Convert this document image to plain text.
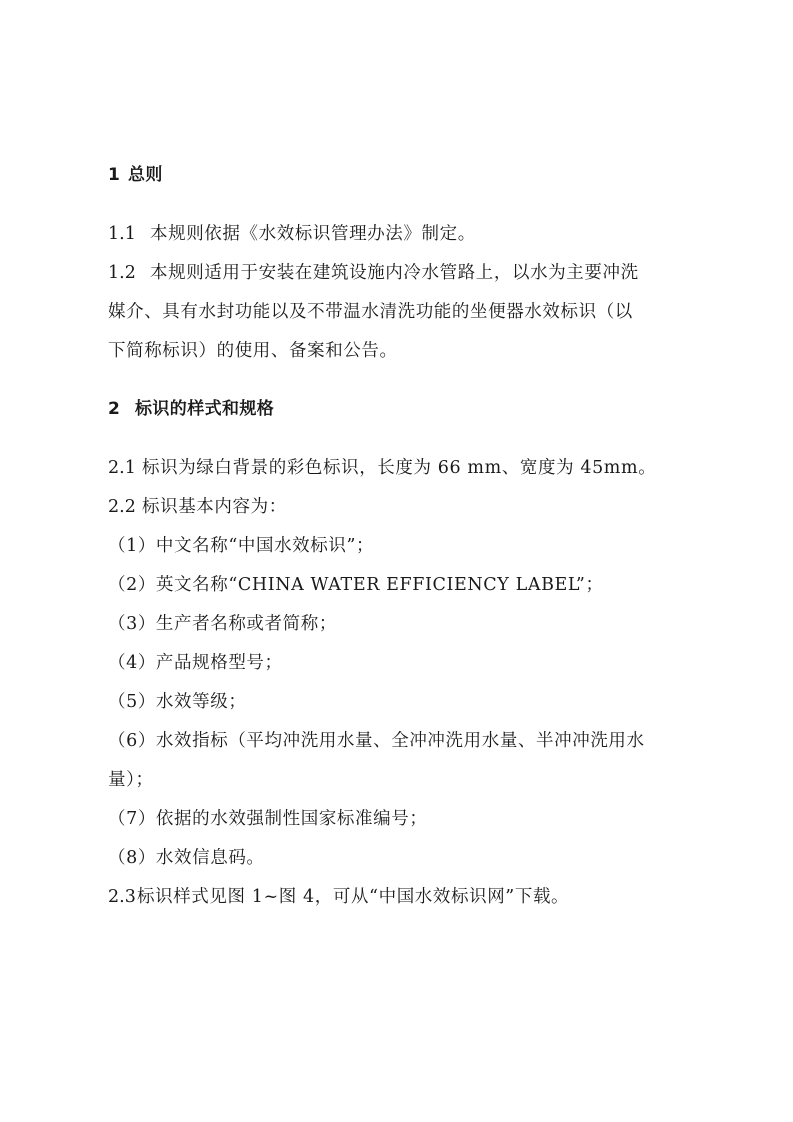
1 总则
1.1 本规则依据《水效标识管理办法》制定。
1.2 本规则适用于安装在建筑设施内冷水管路上，以水为主要冲洗
媒介、具有水封功能以及不带温水清洗功能的坐便器水效标识（以
下简称标识）的使用、备案和公告。
2 标识的样式和规格
2.1 标识为绿白背景的彩色标识，长度为 66 mm、宽度为 45mm。
2.2 标识基本内容为：
（1）中文名称“中国水效标识”；
（2）英文名称“CHINA WATER EFFICIENCY LABEL”；
（3）生产者名称或者简称；
（4）产品规格型号；
（5）水效等级；
（6）水效指标（平均冲洗用水量、全冲冲洗用水量、半冲冲洗用水
量）；
（7）依据的水效强制性国家标准编号；
（8）水效信息码。
2.3标识样式见图 1~图 4，可从“中国水效标识网”下载。
